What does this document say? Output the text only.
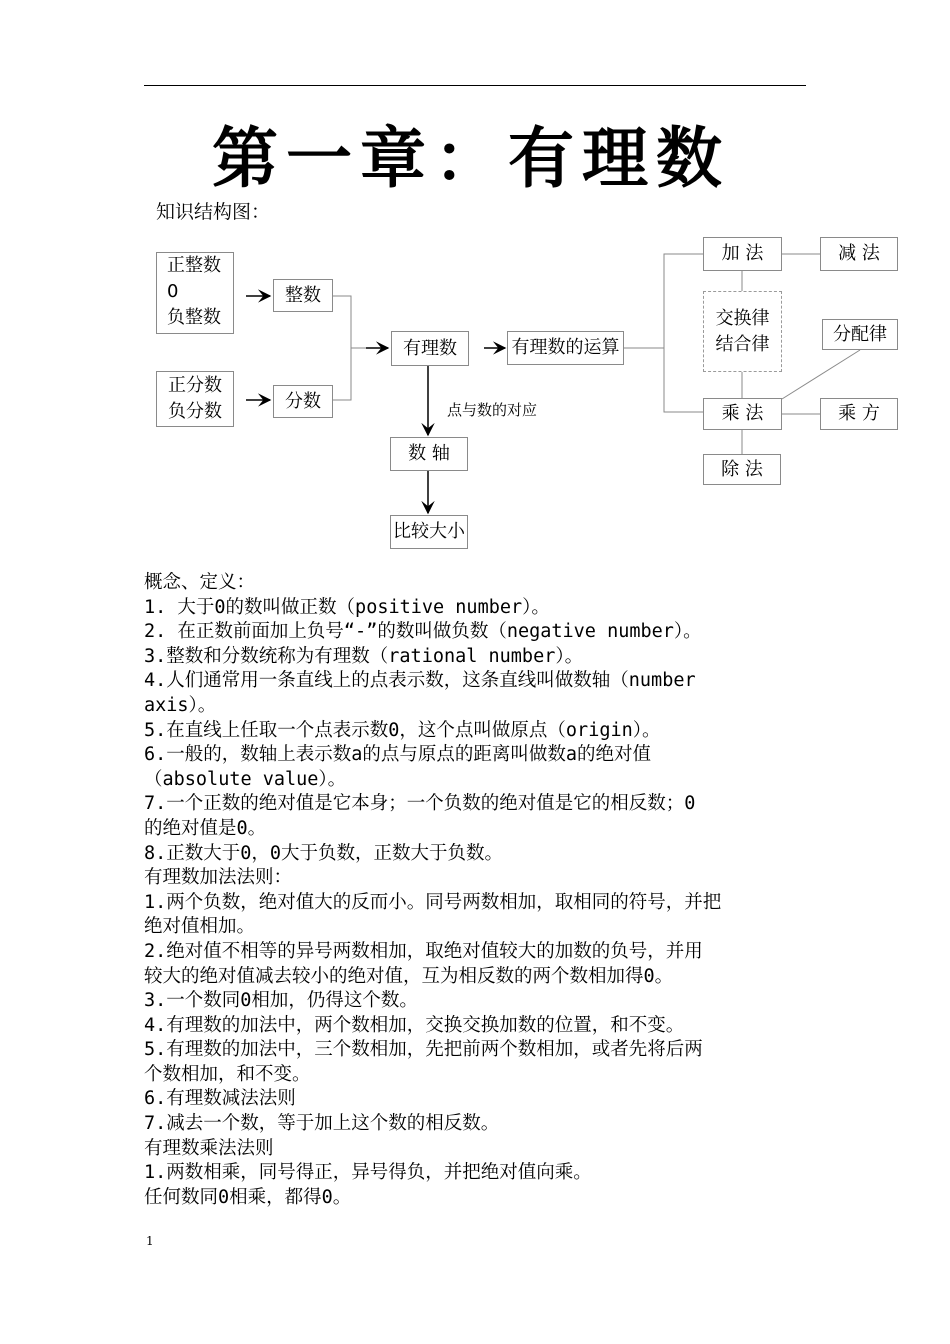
第一章：有理数
知识结构图：
正整数
0
负整数
正分数
负分数
整数
分数
有理数	有理数的运算
点与数的对应
数 轴
比较大小
加 法	减 法
交换律
结合律	分配律
乘 法	乘 方
除 法
概念、定义：
1. 大于0的数叫做正数（positive number）。
2. 在正数前面加上负号“-”的数叫做负数（negative number）。
3.整数和分数统称为有理数（rational number）。
4.人们通常用一条直线上的点表示数，这条直线叫做数轴（number
axis）。
5.在直线上任取一个点表示数0，这个点叫做原点（origin）。
6.一般的，数轴上表示数a的点与原点的距离叫做数a的绝对值
（absolute value）。
7.一个正数的绝对值是它本身；一个负数的绝对值是它的相反数；0
的绝对值是0。
8.正数大于0，0大于负数，正数大于负数。
有理数加法法则：
1.两个负数，绝对值大的反而小。同号两数相加，取相同的符号，并把
绝对值相加。
2.绝对值不相等的异号两数相加，取绝对值较大的加数的负号，并用
较大的绝对值减去较小的绝对值，互为相反数的两个数相加得0。
3.一个数同0相加，仍得这个数。
4.有理数的加法中，两个数相加，交换交换加数的位置，和不变。
5.有理数的加法中，三个数相加，先把前两个数相加，或者先将后两
个数相加，和不变。
6.有理数减法法则
7.减去一个数，等于加上这个数的相反数。
有理数乘法法则
1.两数相乘，同号得正，异号得负，并把绝对值向乘。
任何数同0相乘，都得0。
1
